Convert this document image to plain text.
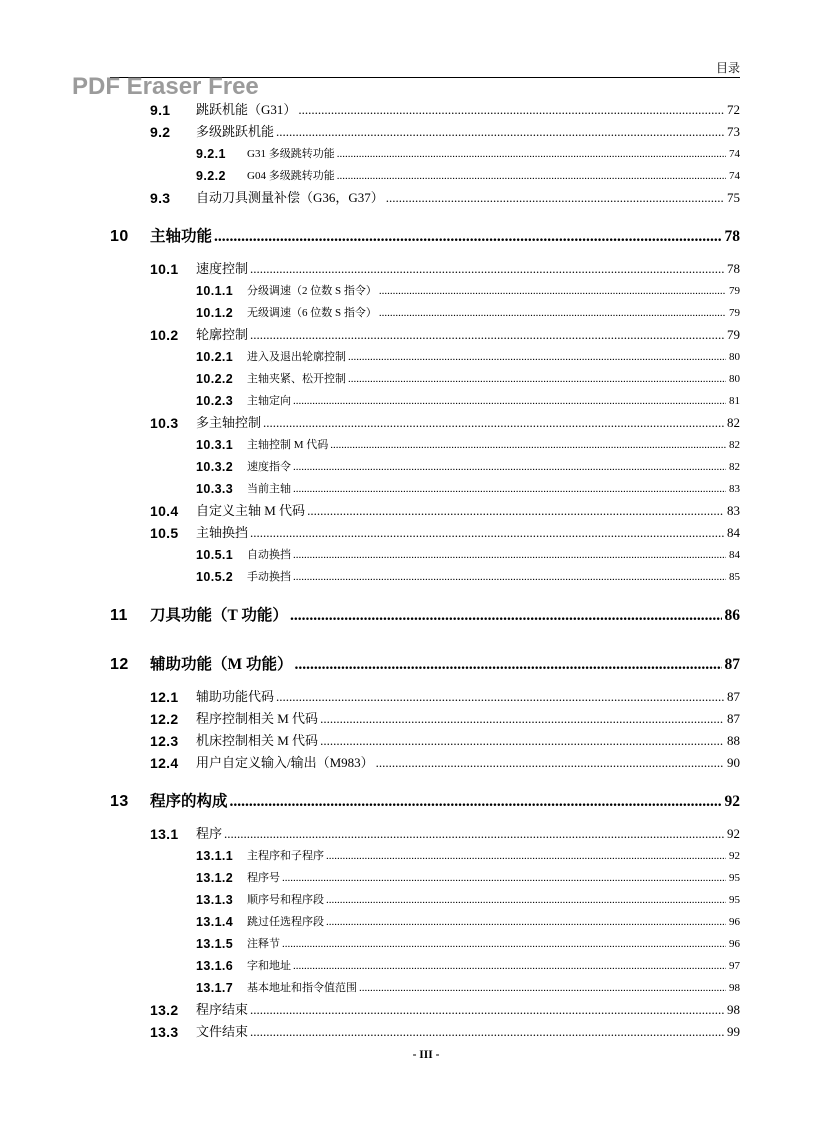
目录
PDF Eraser Free
9.1	跳跃机能（G31） .....	72
9.2	多级跳跃机能 .....	73
9.2.1	G31 多级跳转功能 .....	74
9.2.2	G04 多级跳转功能 .....	74
9.3	自动刀具测量补偿（G36，G37） .....	75
10	主轴功能 .....	78
10.1	速度控制 .....	78
10.1.1	分级调速（2 位数 S 指令） .....	79
10.1.2	无级调速（6 位数 S 指令） .....	79
10.2	轮廓控制 .....	79
10.2.1	进入及退出轮廓控制 .....	80
10.2.2	主轴夹紧、松开控制 .....	80
10.2.3	主轴定向 .....	81
10.3	多主轴控制 .....	82
10.3.1	主轴控制 M 代码 .....	82
10.3.2	速度指令 .....	82
10.3.3	当前主轴 .....	83
10.4	自定义主轴 M 代码 .....	83
10.5	主轴换挡 .....	84
10.5.1	自动换挡 .....	84
10.5.2	手动换挡 .....	85
11	刀具功能（T 功能） .....	86
12	辅助功能（M 功能） .....	87
12.1	辅助功能代码 .....	87
12.2	程序控制相关 M 代码 .....	87
12.3	机床控制相关 M 代码 .....	88
12.4	用户自定义输入/输出（M983） .....	90
13	程序的构成 .....	92
13.1	程序 .....	92
13.1.1	主程序和子程序 .....	92
13.1.2	程序号 .....	95
13.1.3	顺序号和程序段 .....	95
13.1.4	跳过任选程序段 .....	96
13.1.5	注释节 .....	96
13.1.6	字和地址 .....	97
13.1.7	基本地址和指令值范围 .....	98
13.2	程序结束 .....	98
13.3	文件结束 .....	99
- III -
